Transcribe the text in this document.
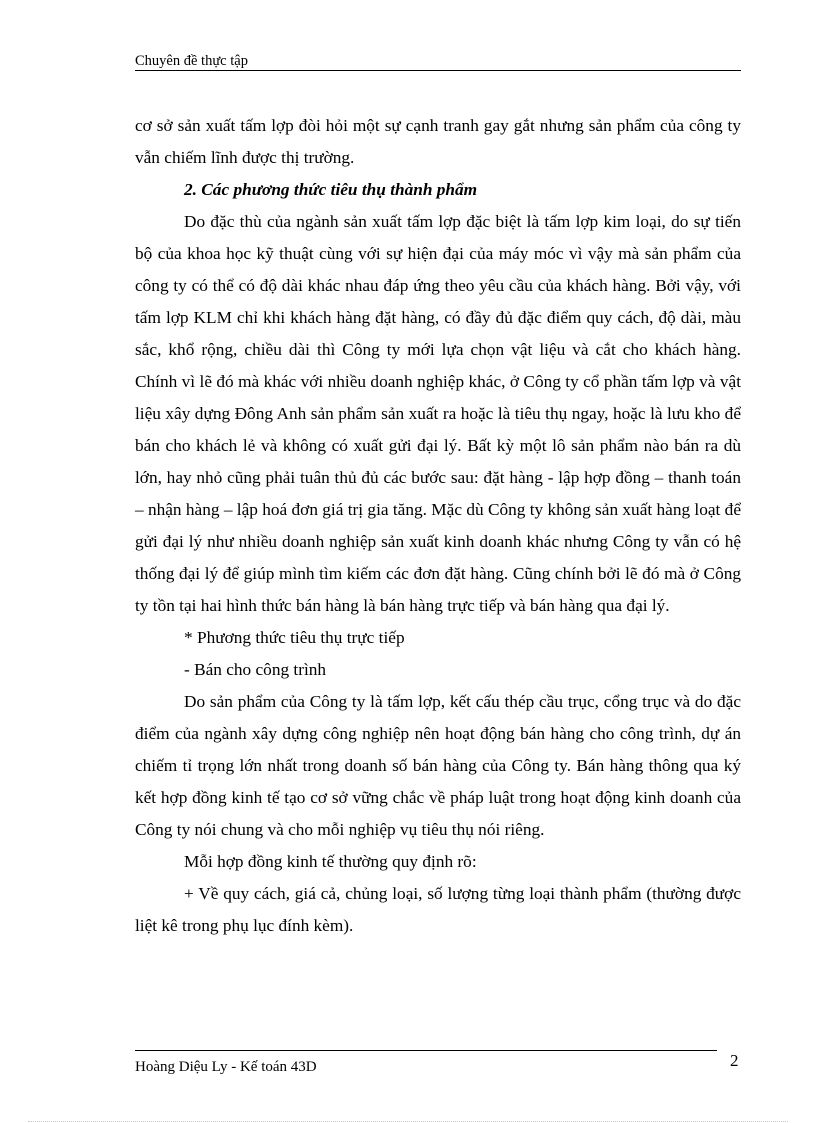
Chuyên đề thực tập

cơ sở sản xuất tấm lợp đòi hỏi một sự cạnh tranh gay gắt nhưng sản phẩm của công ty vẫn chiếm lĩnh được thị trường.

2. Các phương thức tiêu thụ thành phẩm

Do đặc thù của ngành sản xuất tấm lợp đặc biệt là tấm lợp kim loại, do sự tiến bộ của khoa học kỹ thuật cùng với sự hiện đại của máy móc vì vậy mà sản phẩm của công ty có thể có độ dài khác nhau đáp ứng theo yêu cầu của khách hàng. Bởi vậy, với tấm lợp KLM chỉ khi khách hàng đặt hàng, có đầy đủ đặc điểm quy cách, độ dài, màu sắc, khổ rộng, chiều dài thì Công ty mới lựa chọn vật liệu và cắt cho khách hàng. Chính vì lẽ đó mà khác với nhiều doanh nghiệp khác, ở Công ty cổ phần tấm lợp và vật liệu xây dựng Đông Anh sản phẩm sản xuất ra hoặc là tiêu thụ ngay, hoặc là lưu kho để bán cho khách lẻ và không có xuất gửi đại lý. Bất kỳ một lô sản phẩm nào bán ra dù lớn, hay nhỏ cũng phải tuân thủ đủ các bước sau: đặt hàng - lập hợp đồng – thanh toán – nhận hàng – lập hoá đơn giá trị gia tăng. Mặc dù Công ty không sản xuất hàng loạt để gửi đại lý như nhiều doanh nghiệp sản xuất kinh doanh khác nhưng Công ty vẫn có hệ thống đại lý để giúp mình tìm kiếm các đơn đặt hàng. Cũng chính bởi lẽ đó mà ở Công ty tồn tại hai hình thức bán hàng là bán hàng trực tiếp và bán hàng qua đại lý.

* Phương thức tiêu thụ trực tiếp

- Bán cho công trình

Do sản phẩm của Công ty là tấm lợp, kết cấu thép cầu trục, cổng trục và do đặc điểm của ngành xây dựng công nghiệp nên hoạt động bán hàng cho công trình, dự án chiếm tỉ trọng lớn nhất trong doanh số bán hàng của Công ty. Bán hàng thông qua ký kết hợp đồng kinh tế tạo cơ sở vững chắc về pháp luật trong hoạt động kinh doanh của Công ty nói chung và cho mỗi nghiệp vụ tiêu thụ nói riêng.

Mỗi hợp đồng kinh tế thường quy định rõ:

+ Về quy cách, giá cả, chủng loại, số lượng từng loại thành phẩm (thường được liệt kê trong phụ lục đính kèm).

Hoàng Diệu Ly - Kế toán 43D	2
